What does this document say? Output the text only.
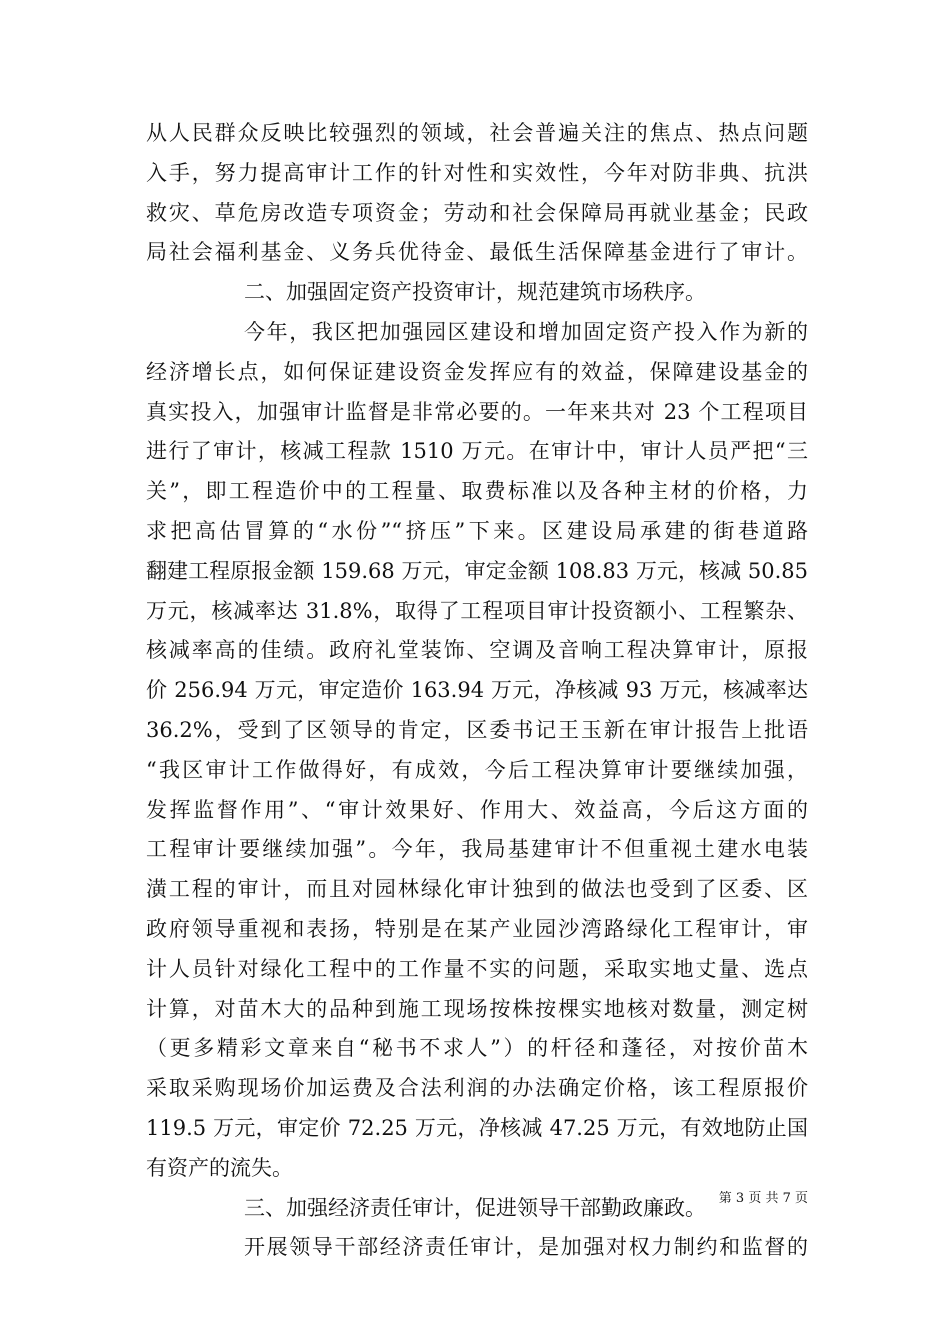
从人民群众反映比较强烈的领域，社会普遍关注的焦点、热点问题
入手，努力提高审计工作的针对性和实效性，今年对防非典、抗洪
救灾、草危房改造专项资金；劳动和社会保障局再就业基金；民政
局社会福利基金、义务兵优待金、最低生活保障基金进行了审计。
二、加强固定资产投资审计，规范建筑市场秩序。
今年，我区把加强园区建设和增加固定资产投入作为新的
经济增长点，如何保证建设资金发挥应有的效益，保障建设基金的
真实投入，加强审计监督是非常必要的。一年来共对 23 个工程项目
进行了审计，核减工程款 1510 万元。在审计中，审计人员严把“三
关”，即工程造价中的工程量、取费标准以及各种主材的价格，力
求把高估冒算的“水份”“挤压”下来。区建设局承建的街巷道路
翻建工程原报金额 159.68 万元，审定金额 108.83 万元，核减 50.85
万元，核减率达 31.8%，取得了工程项目审计投资额小、工程繁杂、
核减率高的佳绩。政府礼堂装饰、空调及音响工程决算审计，原报
价 256.94 万元，审定造价 163.94 万元，净核减 93 万元，核减率达
36.2%，受到了区领导的肯定，区委书记王玉新在审计报告上批语
“我区审计工作做得好，有成效，今后工程决算审计要继续加强，
发挥监督作用”、“审计效果好、作用大、效益高，今后这方面的
工程审计要继续加强”。今年，我局基建审计不但重视土建水电装
潢工程的审计，而且对园林绿化审计独到的做法也受到了区委、区
政府领导重视和表扬，特别是在某产业园沙湾路绿化工程审计，审
计人员针对绿化工程中的工作量不实的问题，采取实地丈量、选点
计算，对苗木大的品种到施工现场按株按棵实地核对数量，测定树
（更多精彩文章来自“秘书不求人”）的杆径和蓬径，对按价苗木
采取采购现场价加运费及合法利润的办法确定价格，该工程原报价
119.5 万元，审定价 72.25 万元，净核减 47.25 万元，有效地防止国
有资产的流失。
三、加强经济责任审计，促进领导干部勤政廉政。
开展领导干部经济责任审计，是加强对权力制约和监督的
第 3 页 共 7 页
